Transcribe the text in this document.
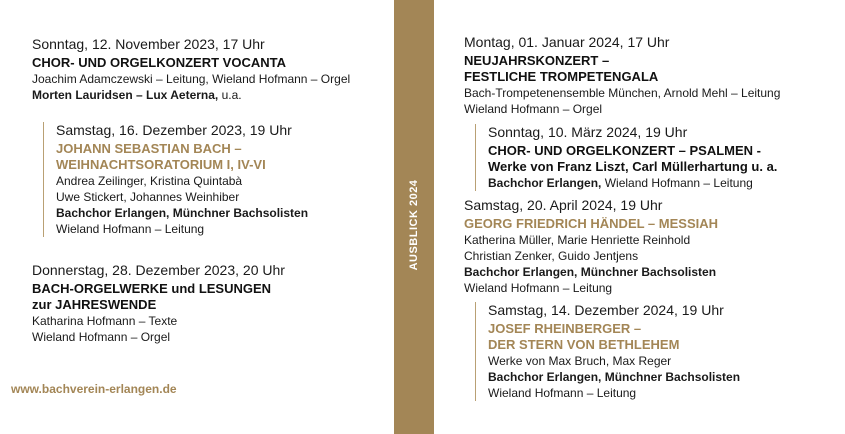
Sonntag, 12. November 2023, 17 Uhr
CHOR- UND ORGELKONZERT VOCANTA
Joachim Adamczewski – Leitung, Wieland Hofmann – Orgel
Morten Lauridsen – Lux Aeterna, u.a.
Samstag, 16. Dezember 2023, 19 Uhr
JOHANN SEBASTIAN BACH –
WEIHNACHTSORATORIUM I, IV-VI
Andrea Zeilinger, Kristina Quintabà
Uwe Stickert, Johannes Weinhiber
Bachchor Erlangen, Münchner Bachsolisten
Wieland Hofmann – Leitung
Donnerstag, 28. Dezember 2023, 20 Uhr
BACH-ORGELWERKE und LESUNGEN
zur JAHRESWENDE
Katharina Hofmann – Texte
Wieland Hofmann – Orgel
www.bachverein-erlangen.de
AUSBLICK 2024
Montag, 01. Januar 2024, 17 Uhr
NEUJAHRSKONZERT –
FESTLICHE TROMPETENGALA
Bach-Trompetenensemble München, Arnold Mehl – Leitung
Wieland Hofmann – Orgel
Sonntag, 10. März 2024, 19 Uhr
CHOR- UND ORGELKONZERT – PSALMEN -
Werke von Franz Liszt, Carl Müllerhartung u. a.
Bachchor Erlangen, Wieland Hofmann – Leitung
Samstag, 20. April 2024, 19 Uhr
GEORG FRIEDRICH HÄNDEL – MESSIAH
Katherina Müller, Marie Henriette Reinhold
Christian Zenker, Guido Jentjens
Bachchor Erlangen, Münchner Bachsolisten
Wieland Hofmann – Leitung
Samstag, 14. Dezember 2024, 19 Uhr
JOSEF RHEINBERGER –
DER STERN VON BETHLEHEM
Werke von Max Bruch, Max Reger
Bachchor Erlangen, Münchner Bachsolisten
Wieland Hofmann – Leitung
